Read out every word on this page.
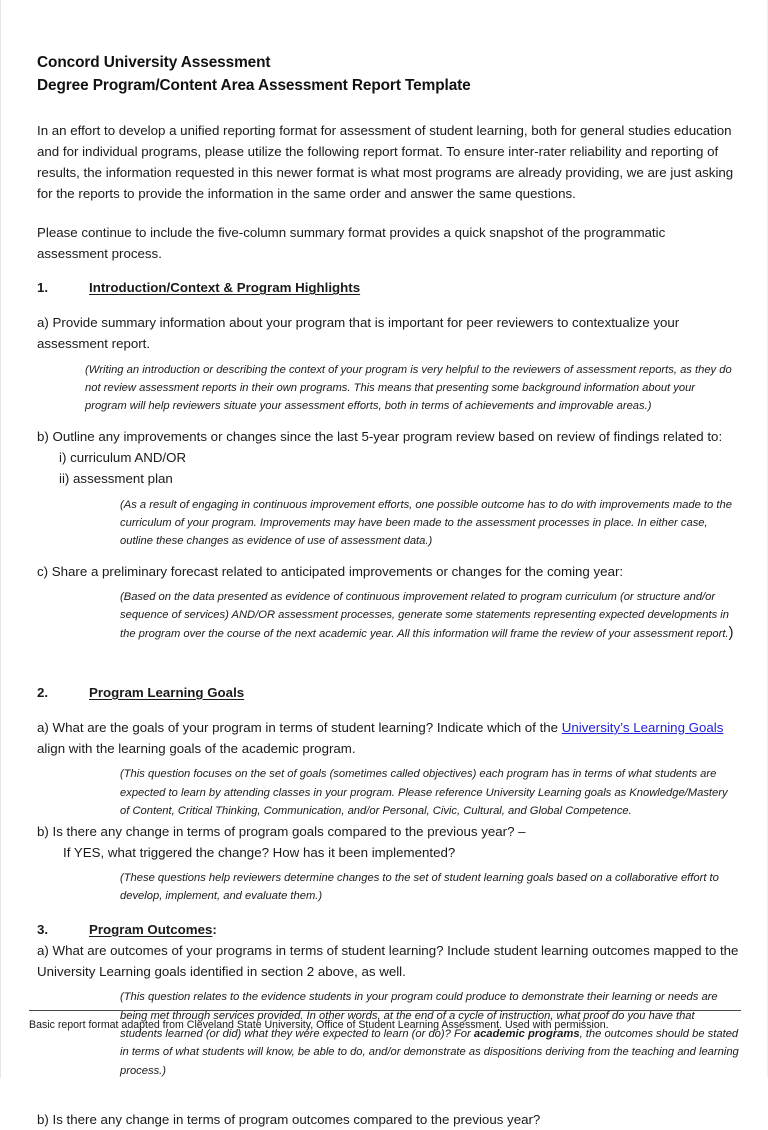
Concord University Assessment
Degree Program/Content Area Assessment Report Template

In an effort to develop a unified reporting format for assessment of student learning, both for general studies education and for individual programs, please utilize the following report format. To ensure inter-rater reliability and reporting of results, the information requested in this newer format is what most programs are already providing, we are just asking for the reports to provide the information in the same order and answer the same questions.

Please continue to include the five-column summary format provides a quick snapshot of the programmatic assessment process.

1.	Introduction/Context & Program Highlights

a) Provide summary information about your program that is important for peer reviewers to contextualize your assessment report.

(Writing an introduction or describing the context of your program is very helpful to the reviewers of assessment reports, as they do not review assessment reports in their own programs. This means that presenting some background information about your program will help reviewers situate your assessment efforts, both in terms of achievements and improvable areas.)

b) Outline any improvements or changes since the last 5-year program review based on review of findings related to:

i) curriculum AND/OR

ii) assessment plan

(As a result of engaging in continuous improvement efforts, one possible outcome has to do with improvements made to the curriculum of your program. Improvements may have been made to the assessment processes in place. In either case, outline these changes as evidence of use of assessment data.)

c) Share a preliminary forecast related to anticipated improvements or changes for the coming year:

(Based on the data presented as evidence of continuous improvement related to program curriculum (or structure and/or sequence of services) AND/OR assessment processes, generate some statements representing expected developments in the program over the course of the next academic year. All this information will frame the review of your assessment report.)

2.	Program Learning Goals

a) What are the goals of your program in terms of student learning? Indicate which of the University’s Learning Goals align with the learning goals of the academic program.

(This question focuses on the set of goals (sometimes called objectives) each program has in terms of what students are expected to learn by attending classes in your program. Please reference University Learning goals as Knowledge/Mastery of Content, Critical Thinking, Communication, and/or Personal, Civic, Cultural, and Global Competence.

b) Is there any change in terms of program goals compared to the previous year? –

If YES, what triggered the change? How has it been implemented?

(These questions help reviewers determine changes to the set of student learning goals based on a collaborative effort to develop, implement, and evaluate them.)

3.	Program Outcomes :

a) What are outcomes of your programs in terms of student learning? Include student learning outcomes mapped to the University Learning goals identified in section 2 above, as well.

(This question relates to the evidence students in your program could produce to demonstrate their learning or needs are being met through services provided. In other words, at the end of a cycle of instruction, what proof do you have that students learned (or did) what they were expected to learn (or do)? For academic programs, the outcomes should be stated in terms of what students will know, be able to do, and/or demonstrate as dispositions deriving from the teaching and learning process.)

b) Is there any change in terms of program outcomes compared to the previous year?

Basic report format adapted from Cleveland State University, Office of Student Learning Assessment. Used with permission.
